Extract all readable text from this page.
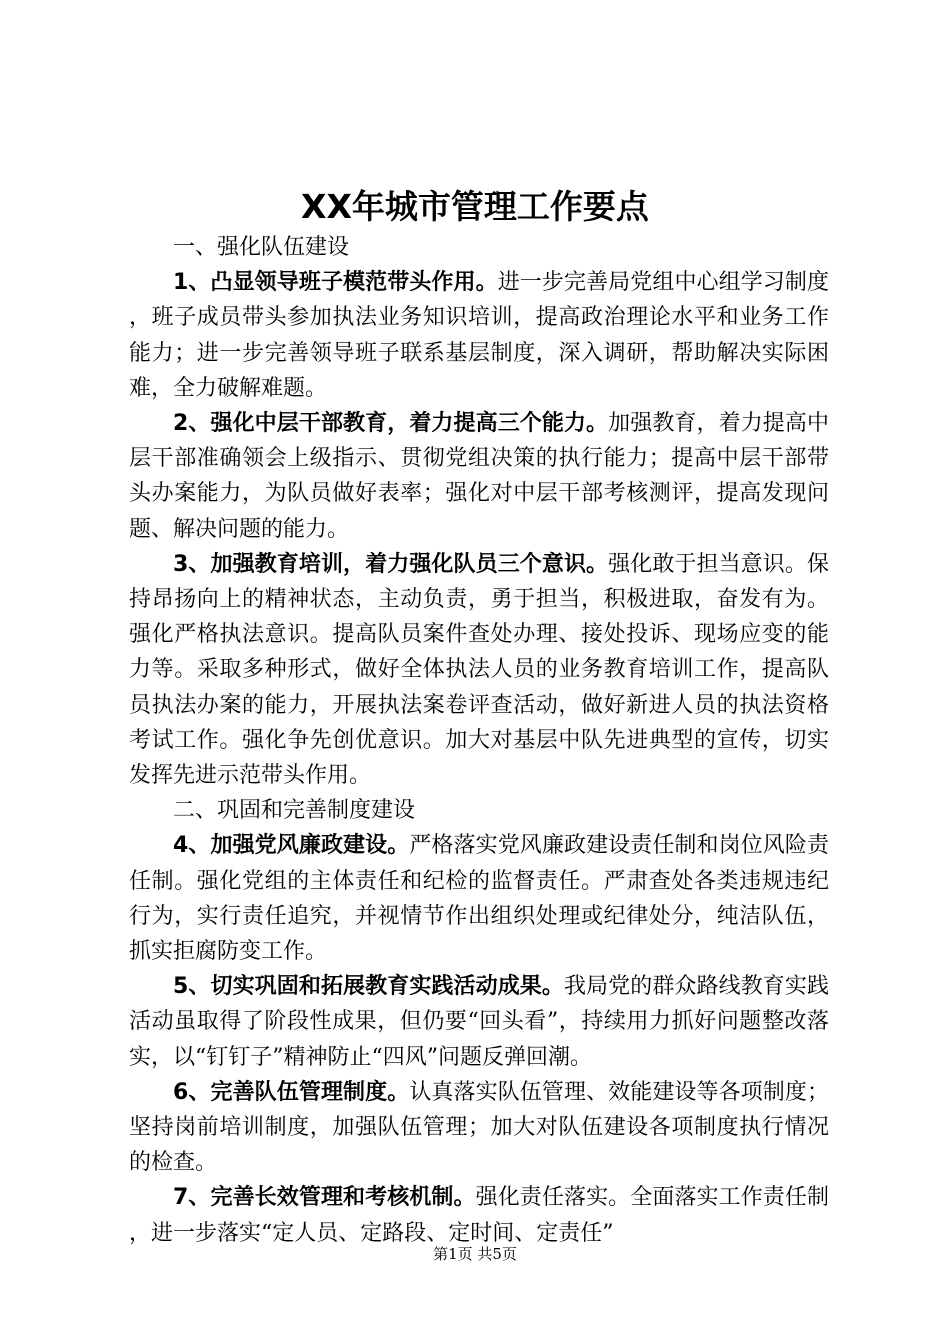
XX年城市管理工作要点

一、强化队伍建设

1、凸显领导班子模范带头作用。进一步完善局党组中心组学习制度，班子成员带头参加执法业务知识培训，提高政治理论水平和业务工作能力；进一步完善领导班子联系基层制度，深入调研，帮助解决实际困难，全力破解难题。

2、强化中层干部教育，着力提高三个能力。加强教育，着力提高中层干部准确领会上级指示、贯彻党组决策的执行能力；提高中层干部带头办案能力，为队员做好表率；强化对中层干部考核测评，提高发现问题、解决问题的能力。

3、加强教育培训，着力强化队员三个意识。强化敢于担当意识。保持昂扬向上的精神状态，主动负责，勇于担当，积极进取，奋发有为。强化严格执法意识。提高队员案件查处办理、接处投诉、现场应变的能力等。采取多种形式，做好全体执法人员的业务教育培训工作，提高队员执法办案的能力，开展执法案卷评查活动，做好新进人员的执法资格考试工作。强化争先创优意识。加大对基层中队先进典型的宣传，切实发挥先进示范带头作用。

二、巩固和完善制度建设

4、加强党风廉政建设。严格落实党风廉政建设责任制和岗位风险责任制。强化党组的主体责任和纪检的监督责任。严肃查处各类违规违纪行为，实行责任追究，并视情节作出组织处理或纪律处分，纯洁队伍，抓实拒腐防变工作。

5、切实巩固和拓展教育实践活动成果。我局党的群众路线教育实践活动虽取得了阶段性成果，但仍要“回头看”，持续用力抓好问题整改落实，以“钉钉子”精神防止“四风”问题反弹回潮。

6、完善队伍管理制度。认真落实队伍管理、效能建设等各项制度；坚持岗前培训制度，加强队伍管理；加大对队伍建设各项制度执行情况的检查。

7、完善长效管理和考核机制。强化责任落实。全面落实工作责任制，进一步落实“定人员、定路段、定时间、定责任”

第1页 共5页
